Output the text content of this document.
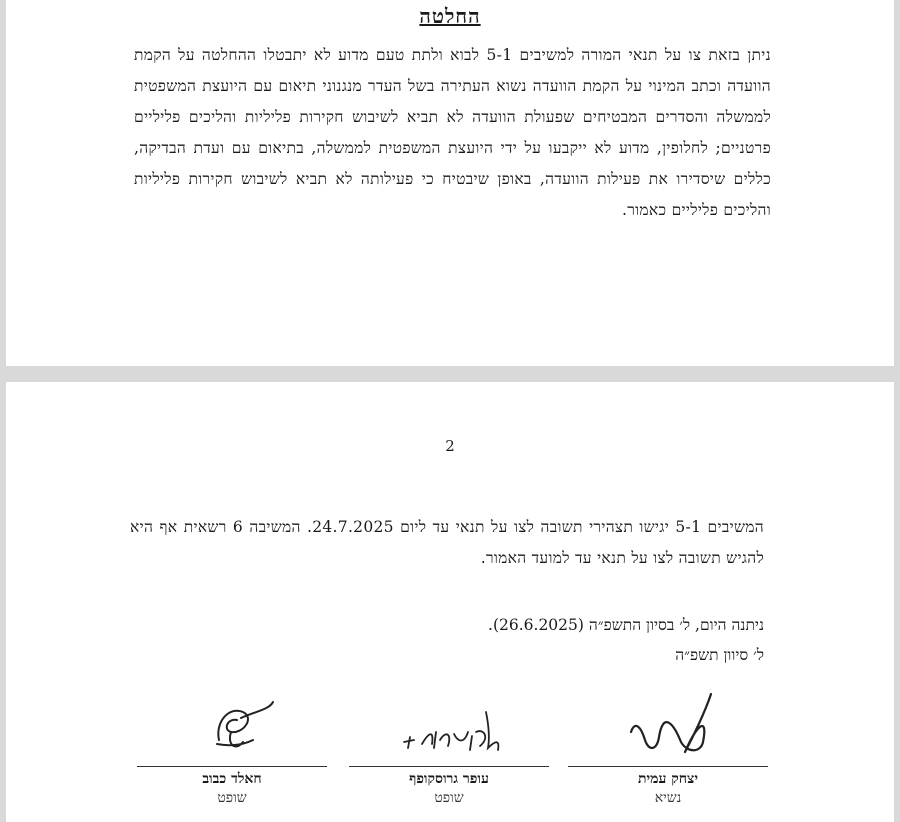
החלטה
ניתן בזאת צו על תנאי המורה למשיבים 5-1 לבוא ולתת טעם מדוע לא יתבטלו ההחלטה על הקמת הוועדה וכתב המינוי על הקמת הוועדה נשוא העתירה בשל העדר מנגנוני תיאום עם היועצת המשפטית לממשלה והסדרים המבטיחים שפעולת הוועדה לא תביא לשיבוש חקירות פליליות והליכים פליליים פרטניים; לחלופין, מדוע לא ייקבעו על ידי היועצת המשפטית לממשלה, בתיאום עם ועדת הבדיקה, כללים שיסדירו את פעילות הוועדה, באופן שיבטיח כי פעילותה לא תביא לשיבוש חקירות פליליות והליכים פליליים כאמור.
2
המשיבים 5-1 יגישו תצהירי תשובה לצו על תנאי עד ליום 24.7.2025. המשיבה 6 רשאית אף היא להגיש תשובה לצו על תנאי עד למועד האמור.
ניתנה היום, ל׳ בסיון התשפ״ה (26.6.2025).
ל׳ סיוון תשפ״ה
יצחק עמית
נשיא
עופר גרוסקופף
שופט
חאלד כבוב
שופט
